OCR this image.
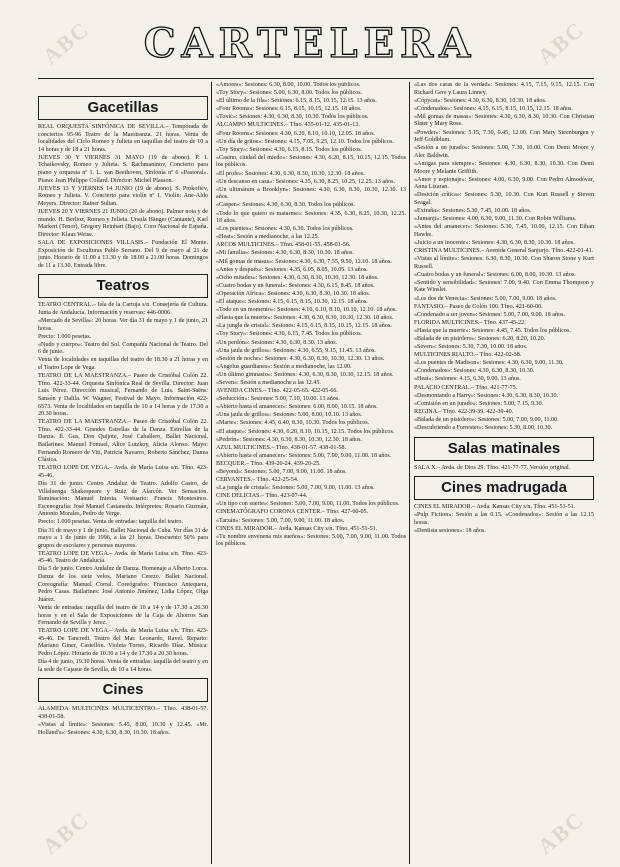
ABC	ABC
ABC	ABC
CARTELERA
Gacetillas

REAL ORQUESTA SINFÓNICA DE SEVILLA.– Temporada de conciertos 95-96 Teatro de la Maestranza. 21 horas. Venta de localidades del Ciclo Romeo y Julieta en taquillas del teatro de 10 a 14 horas y de 18 a 21 horas.

JUEVES 30 Y VIERNES 31 MAYO (19 de abono). P. I. Tchaikovsky, Romeo y Julieta. S. Rachmaninov, Concierto para piano y orquesta nº 1. L. van Beethoven, Sinfonía nº 6 «Pastoral». Piano: Jean Philippe Collard. Director: Michel Plasson.

JUEVES 13 Y VIERNES 14 JUNIO (19 de abono). S. Prokofiev, Romeo y Julieta. V. Concierto para violín nº 1. Violín: Ane-Aldo Meyers. Director: Rainer Sultan.

JUEVES 20 Y VIERNES 21 JUNIO (20 de abono). Palmer nota y de mundo. H. Berlioz, Romeo y Julieta. Ursula Hänger (Cantante), Karl Markert (Tenor), Gregory Reinhart (Bajo). Coro Nacional de España. Director: Klaus Weise.

SALA DE EXPOSICIONES VILLASIS.– Fundación El Monte. Exposición de Esculturas Pablo Serrano. Del 9 de mayo al 21 de junio. Horario de 11.00 a 13.30 y de 18.00 a 21.00 horas. Domingos de 11 a 13.30. Entrada libre.

Teatros

TEATRO CENTRAL.– Isla de la Cartuja s/n. Consejería de Cultura. Junta de Andalucía. Información y reservas: 446-0006.

«Mercado de Sevilla»: 20 horas. Ver día 31 de mayo y 1 de junio, 21 horas.

Precio: 1.000 pesetas.

«Nudo y cuerpo»: Teatro del Sol. Compañía Nacional de Teatro. Del 6 de junio.

Venta de localidades en taquillas del teatro de 18.30 a 21 horas y en el Teatro Lope de Vega.

TEATRO DE LA MAESTRANZA.– Paseo de Cristóbal Colón 22. Tfno. 422-33-44. Orquesta Sinfónica Real de Sevilla. Director: Juan Luis Pérez. Dirección musical, Fernando de Luis. Saint-Saëns: Sansón y Dalila. W. Wagner, Festival de Mayo. Información 422-6573. Venta de localidades en taquilla de 10 a 14 horas y de 17.30 a 20.30 horas.

TEATRO DE LA MAESTRANZA.– Paseo de Cristóbal Colón 22. Tfno. 422-33-44. Grandes Estrellas de la Danza. Estrellas de la Danza. Il. Gus, Don Quijote, José Caballero, Ballet Nacional. Bailarines: Manuel Fomuel, Alice Lutzkoy, Alicia Alonso. Mayo: Fernando Romero de Viti, Patricia Navarro, Roberto Sánchez, Danza Clásica.

TEATRO LOPE DE VEGA.– Avda. de María Luisa s/n. Tfno. 423-45-46.

Día 31 de junio. Centro Andaluz de Teatro. Adolfo Castro, de Villaluenga Shakespeare y Ruiz de Alarcón. Ver Sensación. Iluminación: Manuel Iniesta. Vestuario: Francis Montesinos. Escenografía: José Manuel Castanedo. Intérpretes: Rosario Guzmán, Antonio Morales, Pedro de Verge.

Precio: 1.000 pesetas. Venta de entradas: taquilla del teatro.

Día 31 de mayo y 1 de junio. Ballet Nacional de Cuba. Ver días 31 de mayo a 1 de junio de 1996, a las 21 horas. Descuento 50% para grupos de escolares y personas mayores.

TEATRO LOPE DE VEGA.– Avda. de María Luisa s/n. Tfno. 423-45-46. Teatro de Andalucía.

Día 5 de junio. Centro Andaluz de Danza. Homenaje a Alberto Lorca. Danza de los siete velos. Mariano Cerezo. Ballet Nacional. Coreografía: Manuel Corral. Coreógrafos: Francisco Antequera, Pedro Casas. Bailarines: José Antonio Jiménez, Lidia López, Olga Juárez.

Venta de entradas: taquilla del teatro de 10 a 14 y de 17.30 a 20.30 horas y en el Sala de Exposiciones de la Caja de Ahorros San Fernando de Sevilla y Jerez.

TEATRO LOPE DE VEGA.– Avda. de María Luisa s/n. Tfno. 423-45-46. De Tancredi. Teatro del Mar. Leonardo, Ravel. Reparto: Mariano Giner, Castellón. Violeta Torres, Ricardo Díaz. Música: Pedro López. Horario de 10.30 a 14 y de 17.30 a 20.30 horas.

Día 4 de junio, 19.30 horas. Venta de entradas: taquilla del teatro y en la sede de Cajasur de Sevilla, de 10 a 14 horas.

Cines

ALAMEDA MULTICINES MULTICENTRO.– Tfno. 438-01-57. 438-01-58.

«Vistas al límite»: Sesiones: 5.45, 8.00, 10.30 y 12.45. «Mr. Holland's»: Sesiones: 4.30, 6.30, 8.30, 10.30. 18 años.

«Amores»: Sesiones: 6.30, 8.00, 10.00. Todos los públicos.

«Toy Story»: Sesiones: 5.00, 6.30, 8.00. Todos los públicos.

«El último de la fila»: Sesiones: 6.15, 8.15, 10.15, 12.15. 13 años.

«Four Rooms»: Sesiones: 6.15, 8.15, 10.15, 12.15. 18 años.

«Toxic»: Sesiones: 4.30, 6.30, 8.30, 10.30. Todos los públicos.

ALCAMPO MULTICINES.– Tfno. 435-01-12. 435-01-13.

«Four Rooms»: Sesiones: 4.30, 6.20, 8.10, 10.10, 12.05. 18 años.

«Un día de gritos»: Sesiones: 4.15, 7.05, 9.25, 12.10. Todos los públicos.

«Toy Story»: Sesiones: 4.30, 6.15, 8.15. Todos los públicos.

«Casino, ciudad del miedo»: Sesiones: 4.30, 6.20, 8.15, 10.15, 12.15. Todos los públicos.

«El profe»: Sesiones: 4.30, 6.30, 8.30, 10.30, 12.30. 18 años.

«Un descanso en casa»: Sesiones: 4.35, 6.30, 8.25, 10.25, 12.25. 13 años.

«Un ultimátum a Brooklyn»: Sesiones: 4.30, 6.30, 8.30, 10.30, 12.30. 13 años.

«Casper»: Sesiones: 4.30, 6.30, 8.30. Todos los públicos.

«Todo lo que quiero es matarme»: Sesiones: 4.35, 6.30, 8.25, 10.30, 12.25. 18 años.

«Los puentes»: Sesiones: 4.30, 6.30. Todos los públicos.

«Heat»: Sesión a medianoche, a las 12.25.

ARCOS MULTICINES.– Tfno. 458-01-55. 458-01-56.

«Mi familia»: Sesiones: 4.30, 6.30, 8.30, 10.30. 18 años.

«Mil gomas de masas»: Sesiones: 4.30, 6.30, 7.55, 9.50, 12.10. 18 años.

«Antes y después»: Sesiones: 4.35, 6.05, 8.05, 10.05. 13 años.

«Ocho mitades»: Sesiones: 4.30, 6.30, 8.30, 10.30, 12.30. 18 años.

«Cuatro bodas y un funeral»: Sesiones: 4.30, 6.15, 8.45. 18 años.

«Operación Africa»: Sesiones: 4.30, 6.30, 8.30, 10.30. 18 años.

«El ataque»: Sesiones: 4.15, 6.15, 8.15, 10.30, 12.15. 18 años.

«Todo en un momento»: Sesiones: 4.10, 6.10, 8.10, 10.10, 12.10. 18 años.

«Hasta que la muerte»: Sesiones: 4.30, 6.30, 8.30, 10.30, 12.30. 18 años.

«La jungla de cristal»: Sesiones: 4.15, 6.15, 8.15, 10.15, 12.15. 18 años.

«Toy Story»: Sesiones: 4.30, 6.15, 7.45. Todos los públicos.

«Un perdón»: Sesiones: 4.30, 6.30, 8.30. 13 años.

«Una jaula de grillos»: Sesiones: 4.30, 6.55, 9.15, 11.45. 13 años.

«Sesión de noche»: Sesiones: 4.30, 6.30, 8.30, 10.30, 12.30. 13 años.

«Angelus guardianes»: Sesión a medianoche, las 12.00.

«Un último gimnasio»: Sesiones: 4.30, 6.30, 8.30, 10.30, 12.15. 18 años.

«Seven»: Sesión a medianoche a las 12.45.

AVENIDA CINES.– Tfno. 422-05-65. 422-05-66.

«Seducción»: Sesiones: 5.00, 7.10, 10.00. 13 años.

«Abierto hasta el amanecer»: Sesiones: 6.00, 8.00, 10.15. 18 años.

«Una jaula de grillos»: Sesiones: 5.00, 8.00, 10.10. 13 años.

«Marte»: Sesiones: 4.45, 6.40, 8.30, 10.30. Todos los públicos.

«El ataque»: Sesiones: 4.30, 6.20, 8.10, 10.15, 12.15. Todos los públicos.

«Pedrón»: Sesiones: 4.30, 6.30, 8.30, 10.30, 12.30. 18 años.

AZUL MULTICINES.– Tfno. 438-01-57. 438-01-58.

«Abierto hasta el amanecer»: Sesiones: 5.00, 7.00, 9.00, 11.00. 18 años.

BECQUER.– Tfno. 439-20-24. 439-20-25.

«Beyond»: Sesiones: 5.00, 7.00, 9.00, 11.00. 18 años.

CERVANTES.– Tfno. 422-25-54.

«La jungla de cristal»: Sesiones: 5.00, 7.00, 9.00, 11.00. 13 años.

CINE DELICIAS.– Tfno. 423-07-44.

«Un tipo con suerte»: Sesiones: 5.00, 7.00, 9.00, 11.00. Todos los públicos.

CINEMATÓGRAFO CORONA CENTER.– Tfno. 427-60-05.

«Tarzán»: Sesiones: 5.00, 7.00, 9.00, 11.00. 18 años.

CINES EL MIRADOR.– Avda. Kansas City s/n. Tfno. 451-51-51.

«Tu nombre envenena mis sueños»: Sesiones: 5.00, 7.00, 9.00, 11.00. Todos los públicos.

«Las dos caras de la verdad»: Sesiones: 4.15, 7.15, 9.15, 12.15. Con Richard Gere y Laura Linney.

«Copycat»: Sesiones: 4.30, 6.30, 8.30, 10.30. 18 años.

«Condenados»: Sesiones: 4.15, 6.15, 8.15, 10.15, 12.15. 18 años.

«Mil gomas de masas»: Sesiones: 4.30, 6.30, 8.30, 10.30. Con Christian Slater y Mary Rose.

«Powder»: Sesiones: 5.15, 7.30, 9.45, 12.00. Con Mary Steenburgen y Jeff Goldblum.

«Sesión a un jurado»: Sesiones: 5.00, 7.30, 10.00. Con Demi Moore y Alec Baldwin.

«Amigas para siempre»: Sesiones: 4.30, 6.30, 8.30, 10.30. Con Demi Moore y Melanie Griffith.

«Amor y espionaje»: Sesiones: 4.00, 6.30, 9.00. Con Pedro Almodóvar, Anna Lizaran.

«Desición crítica»: Sesiones: 5.30, 10.30. Con Kurt Russell y Steven Seagal.

«Extraña»: Sesiones: 5.30, 7.45, 10.00. 18 años.

«Jumanji»: Sesiones: 4.00, 6.30, 9.00, 11.30. Con Robin Williams.

«Antes del amanecer»: Sesiones: 5.30, 7.45, 10.00, 12.15. Con Ethan Hawke.

«Juicio a un inocente»: Sesiones: 4.30, 6.30, 8.30, 10.30. 18 años.

CRISTINA MULTICINES.– Avenida General Sanjurjo. Tfno. 422-01-41.

«Vistas al límite»: Sesiones: 6.30, 8.30, 10.30. Con Sharon Stone y Kurt Russell.

«Cuatro bodas y un funeral»: Sesiones: 6.00, 8.00, 10.30. 13 años.

«Sentido y sensibilidad»: Sesiones: 7.00, 9.40. Con Emma Thompson y Kate Winslet.

«Los dos de Venecia»: Sesiones: 5.00, 7.00, 9.00. 18 años.

FANTASIO.– Paseo de Colón 100. Tfno. 421-60-00.

«Condenado a ser joven»: Sesiones: 5.00, 7.00, 9.00. 18 años.

FLORIDA MULTICINES.– Tfno. 437-45-22.

«Hasta que la muerte»: Sesiones: 4.45, 7.45. Todos los públicos.

«Balada de un pistolero»: Sesiones: 6.20, 8.20, 10.20.

«Seven»: Sesiones: 5.30, 7.30, 10.00. 18 años.

MULTICINES RIALTO.– Tfno. 422-02-38.

«Los puentes de Madison»: Sesiones: 4.30, 6.30, 9.00, 11.30.

«Condenados»: Sesiones: 4.30, 6.30, 8.30, 10.30.

«Heat»: Sesiones: 4.15, 6.30, 9.00. 13 años.

PALACIO CENTRAL.– Tfno. 421-77-75.

«Desmontando a Harry»: Sesiones: 4.30, 6.30, 8.30, 10.30.

«Comisión en un jurado»: Sesiones: 5.00, 7.15, 9.30.

REGINA.– Tfno. 422-39-39. 422-39-40.

«Balada de un pistolero»: Sesiones: 5.00, 7.00, 9.00, 11.00.

«Descubriendo a Forrester»: Sesiones: 5.30, 8.00, 10.30.

Salas matinales

SALA X.– Avda. de Dios 29. Tfno. 421-77-77. Versión original.

Cines madrugada

CINES EL MIRADOR.– Avda. Kansas City s/n. Tfno. 451-51-51.

«Pulp Fiction»: Sesión a las 0.15. «Condenados»: Sesión a las 12.15 horas.

«Dentista sesiones»: 18 años.
